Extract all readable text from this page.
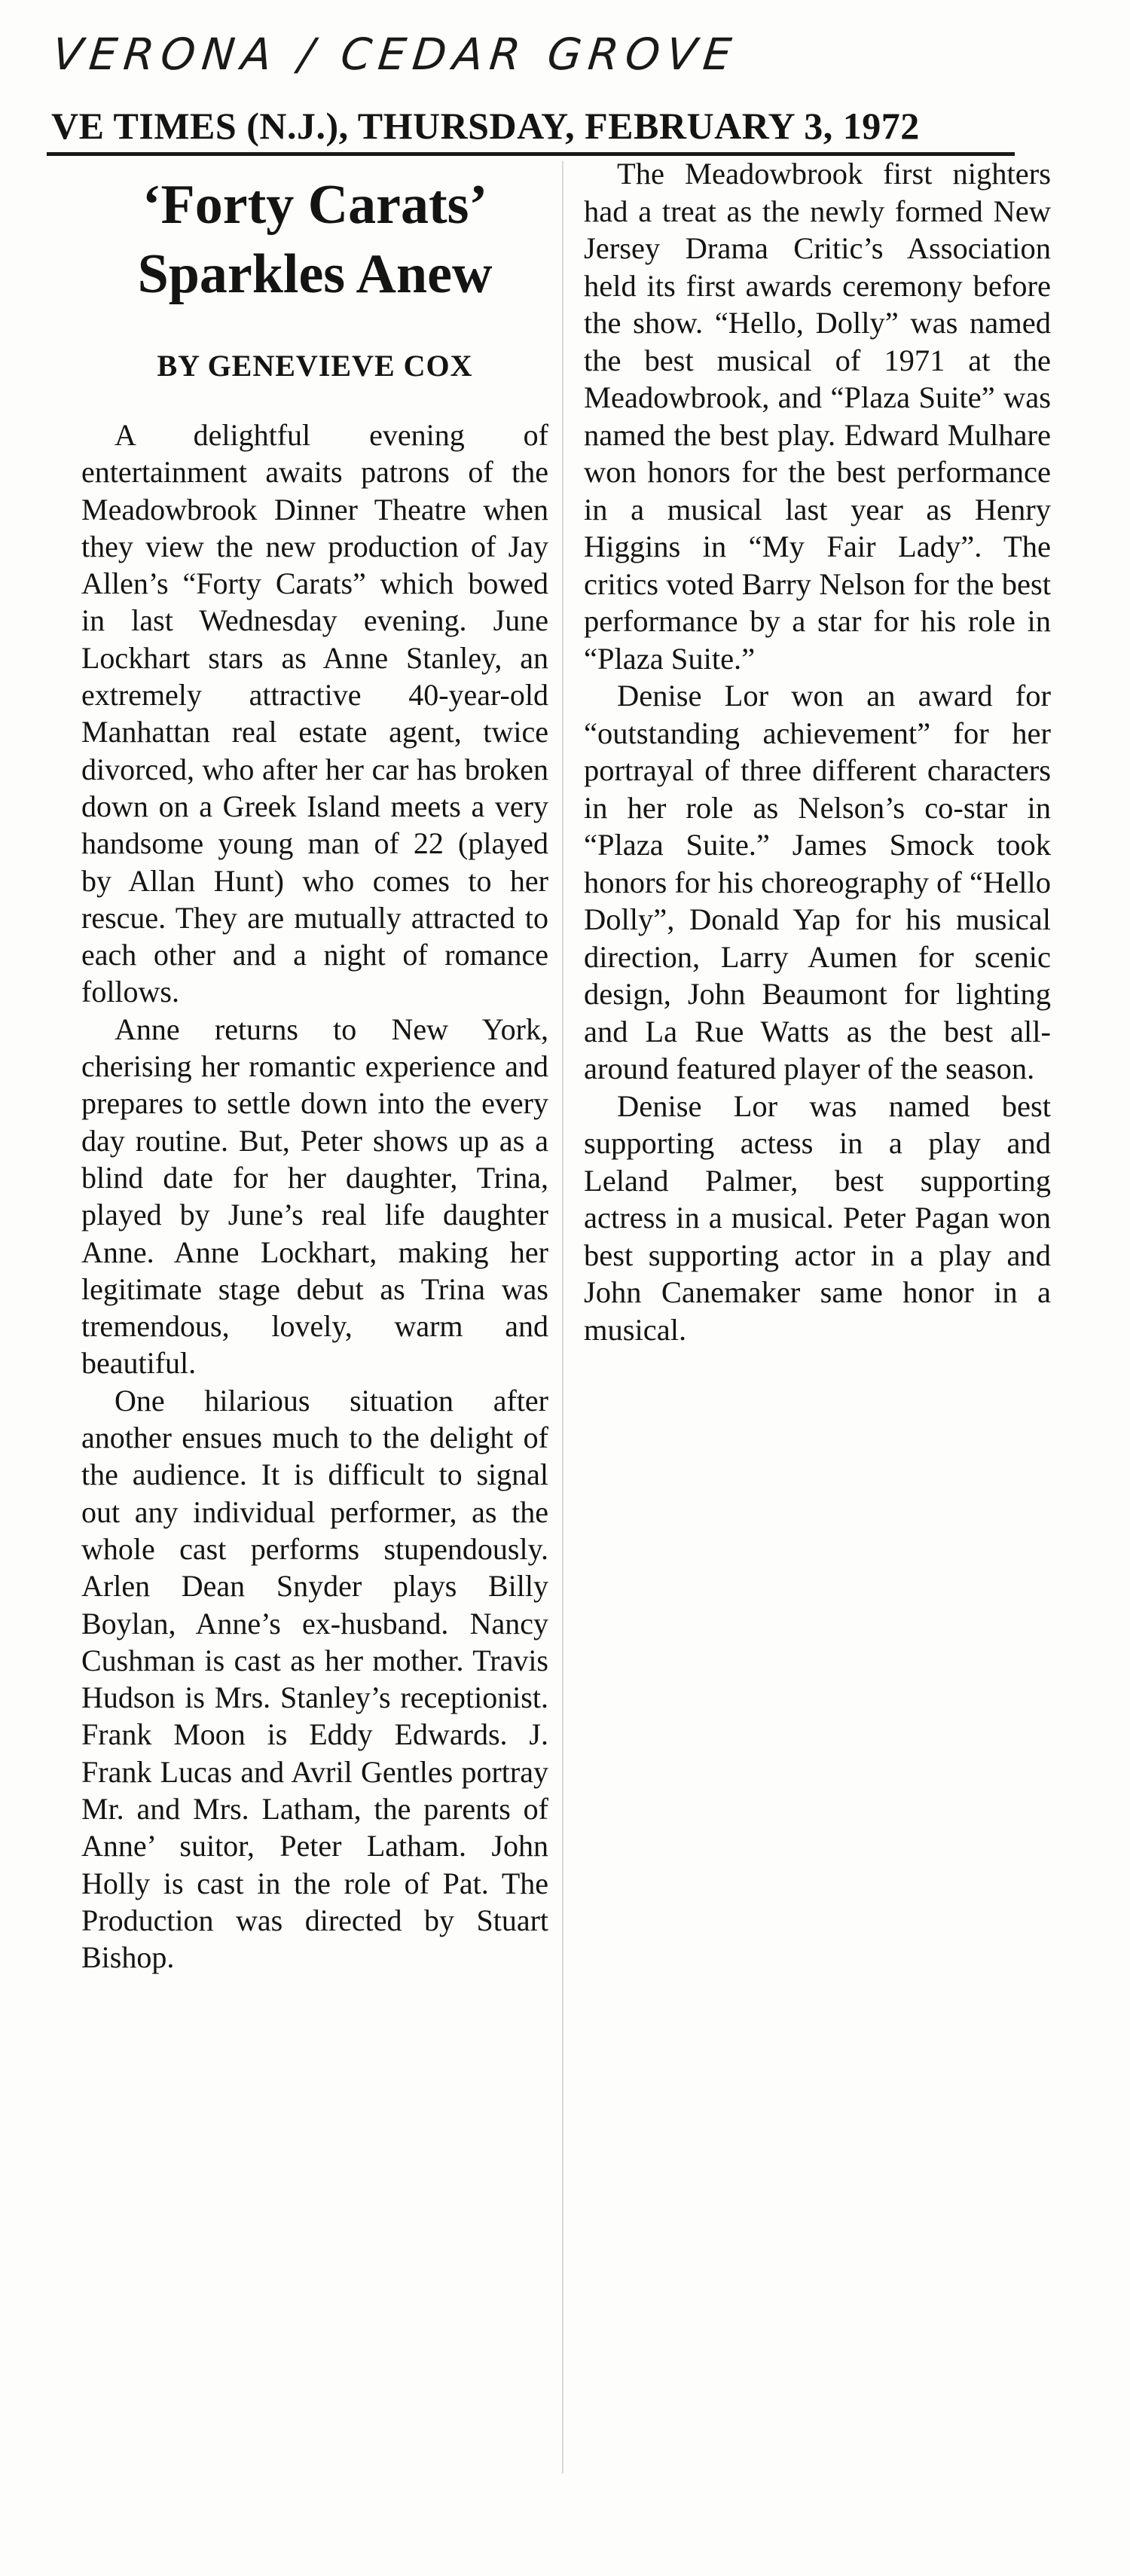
VERONA / CEDAR GROVE
VE TIMES (N.J.), THURSDAY, FEBRUARY 3, 1972
‘Forty Carats’
Sparkles Anew
BY GENEVIEVE COX

A delightful evening of entertainment awaits patrons of the Meadowbrook Dinner Theatre when they view the new production of Jay Allen’s “Forty Carats” which bowed in last Wednesday evening. June Lockhart stars as Anne Stanley, an extremely attractive 40-year-old Manhattan real estate agent, twice divorced, who after her car has broken down on a Greek Island meets a very handsome young man of 22 (played by Allan Hunt) who comes to her rescue. They are mutually attracted to each other and a night of romance follows.

Anne returns to New York, cherising her romantic experience and prepares to settle down into the every day routine. But, Peter shows up as a blind date for her daughter, Trina, played by June’s real life daughter Anne. Anne Lockhart, making her legitimate stage debut as Trina was tremendous, lovely, warm and beautiful.

One hilarious situation after another ensues much to the delight of the audience. It is difficult to signal out any individual performer, as the whole cast performs stupendously. Arlen Dean Snyder plays Billy Boylan, Anne’s ex-husband. Nancy Cushman is cast as her mother. Travis Hudson is Mrs. Stanley’s receptionist. Frank Moon is Eddy Edwards. J. Frank Lucas and Avril Gentles portray Mr. and Mrs. Latham, the parents of Anne’ suitor, Peter Latham. John Holly is cast in the role of Pat. The Production was directed by Stuart Bishop.

The Meadowbrook first nighters had a treat as the newly formed New Jersey Drama Critic’s Association held its first awards ceremony before the show. “Hello, Dolly” was named the best musical of 1971 at the Meadowbrook, and “Plaza Suite” was named the best play. Edward Mulhare won honors for the best performance in a musical last year as Henry Higgins in “My Fair Lady”. The critics voted Barry Nelson for the best performance by a star for his role in “Plaza Suite.”

Denise Lor won an award for “outstanding achievement” for her portrayal of three different characters in her role as Nelson’s co-star in “Plaza Suite.” James Smock took honors for his choreography of “Hello Dolly”, Donald Yap for his musical direction, Larry Aumen for scenic design, John Beaumont for lighting and La Rue Watts as the best all-around featured player of the season.

Denise Lor was named best supporting actess in a play and Leland Palmer, best supporting actress in a musical. Peter Pagan won best supporting actor in a play and John Canemaker same honor in a musical.
